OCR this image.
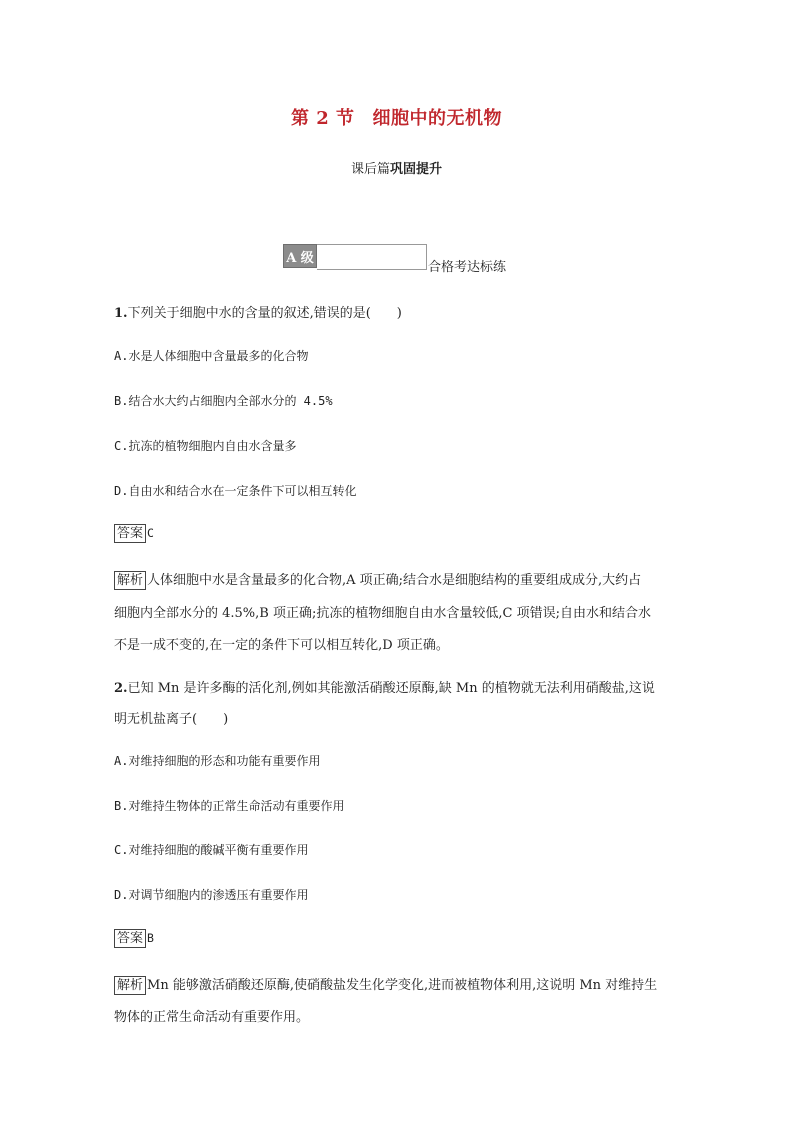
第 2 节 细胞中的无机物
课后篇巩固提升
A 级
合格考达标练
1.下列关于细胞中水的含量的叙述,错误的是(　　)
A.水是人体细胞中含量最多的化合物
B.结合水大约占细胞内全部水分的 4.5%
C.抗冻的植物细胞内自由水含量多
D.自由水和结合水在一定条件下可以相互转化
答案 C
解析 人体细胞中水是含量最多的化合物,A 项正确;结合水是细胞结构的重要组成成分,大约占
细胞内全部水分的 4.5%,B 项正确;抗冻的植物细胞自由水含量较低,C 项错误;自由水和结合水
不是一成不变的,在一定的条件下可以相互转化,D 项正确。
2.已知 Mn 是许多酶的活化剂,例如其能激活硝酸还原酶,缺 Mn 的植物就无法利用硝酸盐,这说
明无机盐离子(　　)
A.对维持细胞的形态和功能有重要作用
B.对维持生物体的正常生命活动有重要作用
C.对维持细胞的酸碱平衡有重要作用
D.对调节细胞内的渗透压有重要作用
答案 B
解析 Mn 能够激活硝酸还原酶,使硝酸盐发生化学变化,进而被植物体利用,这说明 Mn 对维持生
物体的正常生命活动有重要作用。
